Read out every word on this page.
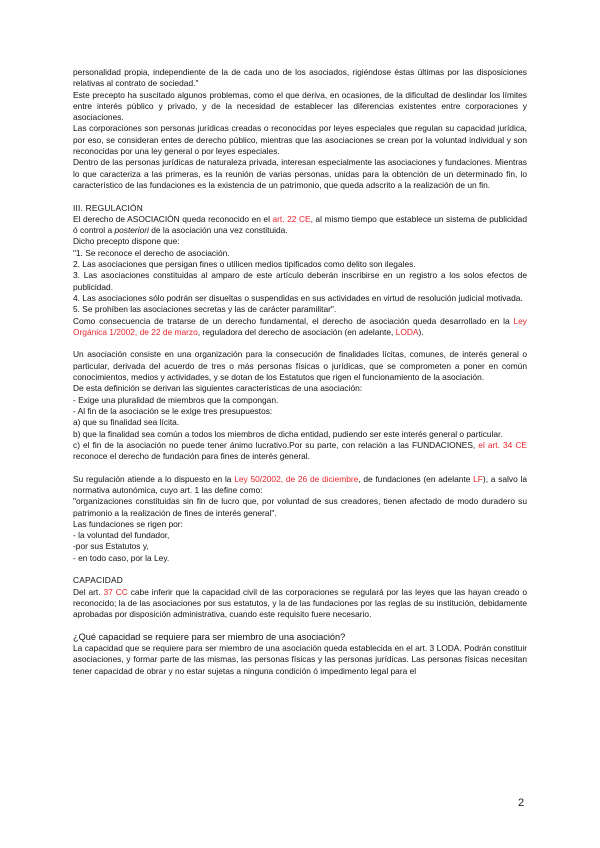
personalidad propia, independiente de la de cada uno de los asociados, rigiéndose éstas últimas por las disposiciones relativas al contrato de sociedad."

Este precepto ha suscitado algunos problemas, como el que deriva, en ocasiones, de la dificultad de deslindar los límites entre interés público y privado, y de la necesidad de establecer las diferencias existentes entre corporaciones y asociaciones.

Las corporaciones son personas jurídicas creadas o reconocidas por leyes especiales que regulan su capacidad jurídica, por eso, se consideran entes de derecho público, mientras que las asociaciones se crean por la voluntad individual y son reconocidas por una ley general o por leyes especiales.

Dentro de las personas jurídicas de naturaleza privada, interesan especialmente las asociaciones y fundaciones. Mientras lo que caracteriza a las primeras, es la reunión de varias personas, unidas para la obtención de un determinado fin, lo característico de las fundaciones es la existencia de un patrimonio, que queda adscrito a la realización de un fin.

III. REGULACIÓN

El derecho de ASOCIACIÓN queda reconocido en el art. 22 CE, al mismo tiempo que establece un sistema de publicidad ó control a posteriori de la asociación una vez constituida.

Dicho precepto dispone que:

"1. Se reconoce el derecho de asociación.

2. Las asociaciones que persigan fines o utilicen medios tipificados como delito son ilegales.

3. Las asociaciones constituidas al amparo de este artículo deberán inscribirse en un registro a los solos efectos de publicidad.

4. Las asociaciones sólo podrán ser disueltas o suspendidas en sus actividades en virtud de resolución judicial motivada.

5. Se prohíben las asociaciones secretas y las de carácter paramilitar".

Como consecuencia de tratarse de un derecho fundamental, el derecho de asociación queda desarrollado en la Ley Orgánica 1/2002, de 22 de marzo, reguladora del derecho de asociación (en adelante, LODA).

Un asociación consiste en una organización para la consecución de finalidades lícitas, comunes, de interés general o particular, derivada del acuerdo de tres o más personas físicas o jurídicas, que se comprometen a poner en común conocimientos, medios y actividades, y se dotan de los Estatutos que rigen el funcionamiento de la asociación.

De esta definición se derivan las siguientes características de una asociación:

- Exige una pluralidad de miembros que la compongan.

- Al fin de la asociación se le exige tres presupuestos:

a) que su finalidad sea lícita.

b) que la finalidad sea común a todos los miembros de dicha entidad, pudiendo ser este interés general o particular.

c) el fin de la asociación no puede tener ánimo lucrativo.Por su parte, con relación a las FUNDACIONES, el art. 34 CE reconoce el derecho de fundación para fines de interés general.

Su regulación atiende a lo dispuesto en la Ley 50/2002, de 26 de diciembre, de fundaciones (en adelante LF), a salvo la normativa autonómica, cuyo art. 1 las define como:

"organizaciones constituidas sin fin de lucro que, por voluntad de sus creadores, tienen afectado de modo duradero su patrimonio a la realización de fines de interés general".

Las fundaciones se rigen por:

- la voluntad del fundador,

-por sus Estatutos y,

- en todo caso, por la Ley.

CAPACIDAD

Del art. 37 CC cabe inferir que la capacidad civil de las corporaciones se regulará por las leyes que las hayan creado o reconocido; la de las asociaciones por sus estatutos, y la de las fundaciones por las reglas de su institución, debidamente aprobadas por disposición administrativa, cuando este requisito fuere necesario.

¿Qué capacidad se requiere para ser miembro de una asociación?

La capacidad que se requiere para ser miembro de una asociación queda establecida en el art. 3 LODA. Podrán constituir asociaciones, y formar parte de las mismas, las personas físicas y las personas jurídicas. Las personas físicas necesitan tener capacidad de obrar y no estar sujetas a ninguna condición ó impedimento legal para el

2
